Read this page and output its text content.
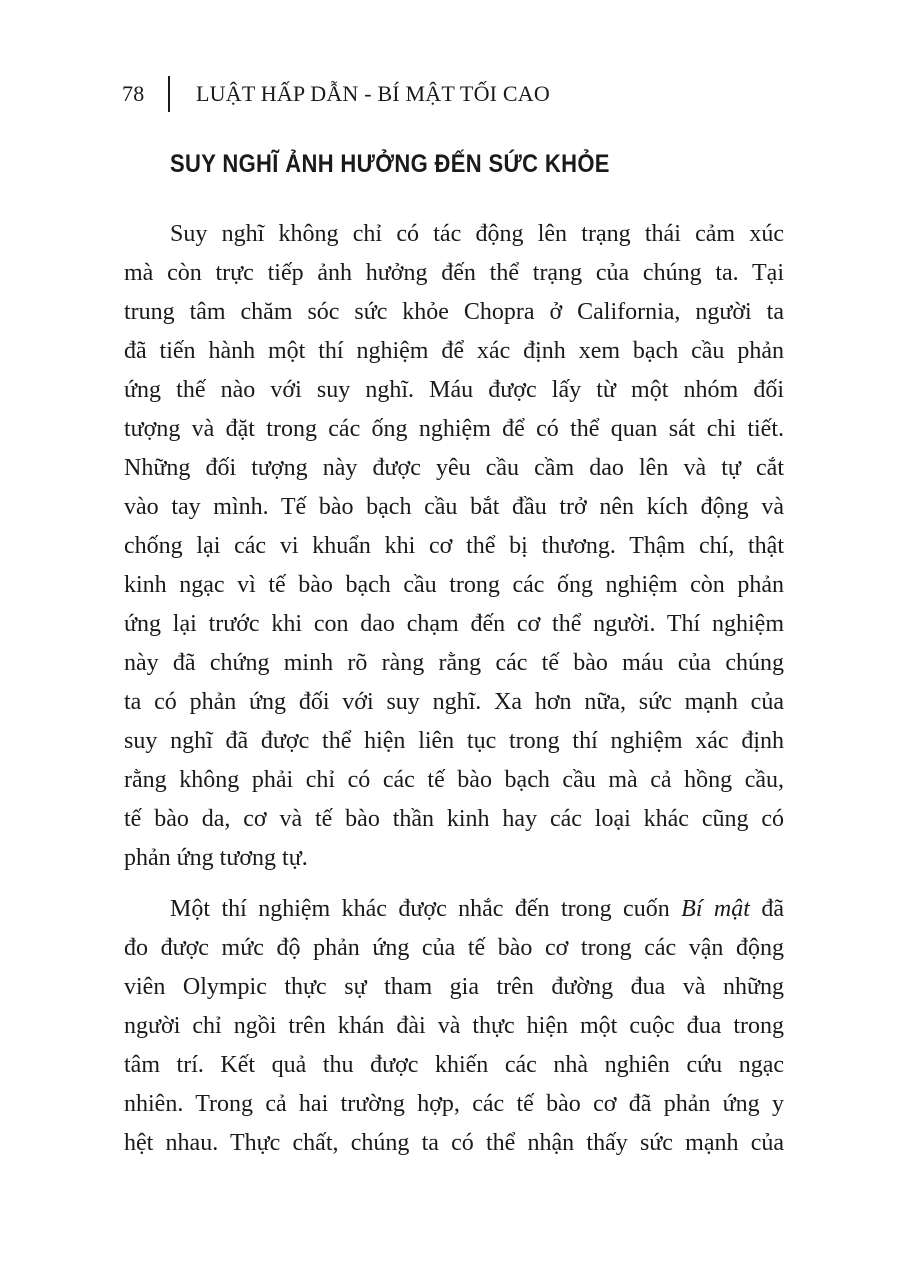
78	LUẬT HẤP DẪN - BÍ MẬT TỐI CAO
SUY NGHĨ ẢNH HƯỞNG ĐẾN SỨC KHỎE

Suy nghĩ không chỉ có tác động lên trạng thái cảm xúc
mà còn trực tiếp ảnh hưởng đến thể trạng của chúng ta. Tại
trung tâm chăm sóc sức khỏe Chopra ở California, người ta
đã tiến hành một thí nghiệm để xác định xem bạch cầu phản
ứng thế nào với suy nghĩ. Máu được lấy từ một nhóm đối
tượng và đặt trong các ống nghiệm để có thể quan sát chi tiết.
Những đối tượng này được yêu cầu cầm dao lên và tự cắt
vào tay mình. Tế bào bạch cầu bắt đầu trở nên kích động và
chống lại các vi khuẩn khi cơ thể bị thương. Thậm chí, thật
kinh ngạc vì tế bào bạch cầu trong các ống nghiệm còn phản
ứng lại trước khi con dao chạm đến cơ thể người. Thí nghiệm
này đã chứng minh rõ ràng rằng các tế bào máu của chúng
ta có phản ứng đối với suy nghĩ. Xa hơn nữa, sức mạnh của
suy nghĩ đã được thể hiện liên tục trong thí nghiệm xác định
rằng không phải chỉ có các tế bào bạch cầu mà cả hồng cầu,
tế bào da, cơ và tế bào thần kinh hay các loại khác cũng có
phản ứng tương tự.

Một thí nghiệm khác được nhắc đến trong cuốn Bí mật đã
đo được mức độ phản ứng của tế bào cơ trong các vận động
viên Olympic thực sự tham gia trên đường đua và những
người chỉ ngồi trên khán đài và thực hiện một cuộc đua trong
tâm trí. Kết quả thu được khiến các nhà nghiên cứu ngạc
nhiên. Trong cả hai trường hợp, các tế bào cơ đã phản ứng y
hệt nhau. Thực chất, chúng ta có thể nhận thấy sức mạnh của
